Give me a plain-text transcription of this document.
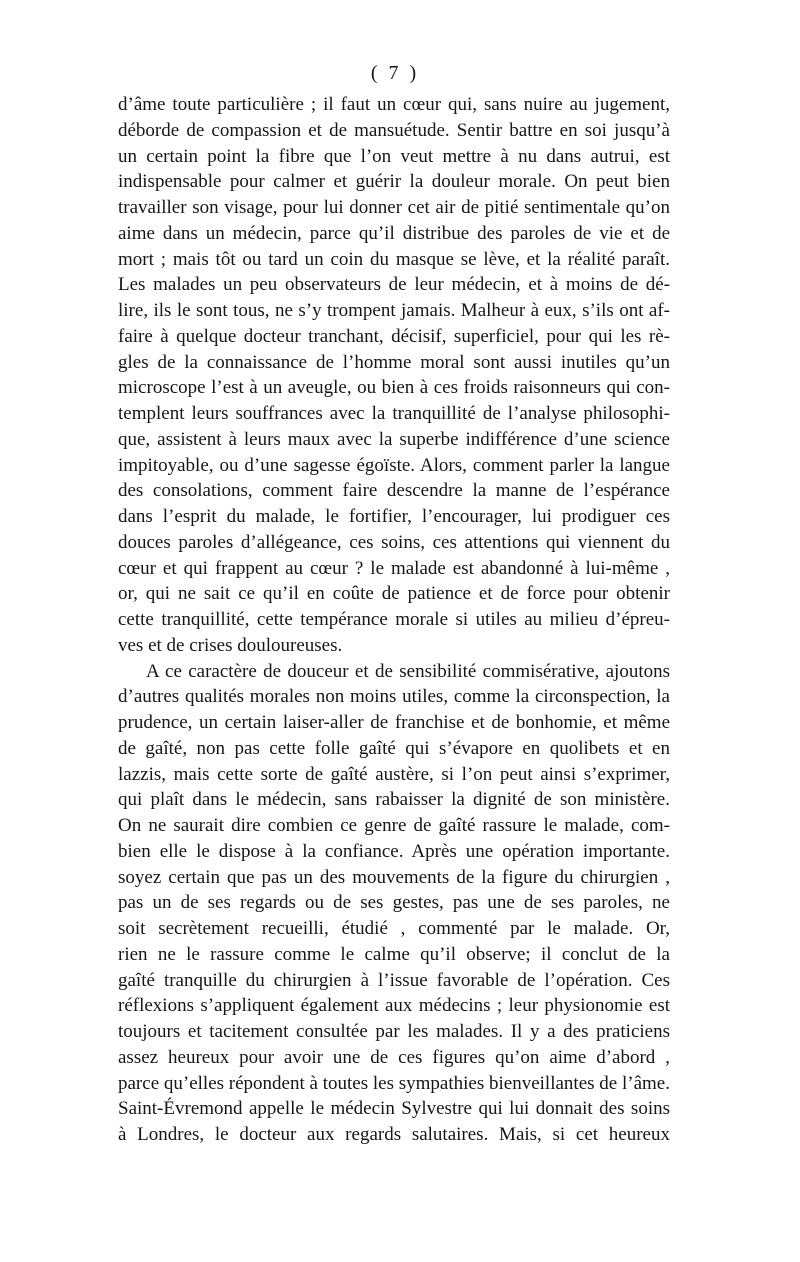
( 7 )
d’âme toute particulière ; il faut un cœur qui, sans nuire au jugement,
déborde de compassion et de mansuétude. Sentir battre en soi jusqu’à
un certain point la fibre que l’on veut mettre à nu dans autrui, est
indispensable pour calmer et guérir la douleur morale. On peut bien
travailler son visage, pour lui donner cet air de pitié sentimentale qu’on
aime dans un médecin, parce qu’il distribue des paroles de vie et de
mort ; mais tôt ou tard un coin du masque se lève, et la réalité paraît.
Les malades un peu observateurs de leur médecin, et à moins de dé-
lire, ils le sont tous, ne s’y trompent jamais. Malheur à eux, s’ils ont af-
faire à quelque docteur tranchant, décisif, superficiel, pour qui les rè-
gles de la connaissance de l’homme moral sont aussi inutiles qu’un
microscope l’est à un aveugle, ou bien à ces froids raisonneurs qui con-
templent leurs souffrances avec la tranquillité de l’analyse philosophi-
que, assistent à leurs maux avec la superbe indifférence d’une science
impitoyable, ou d’une sagesse égoïste. Alors, comment parler la langue
des consolations, comment faire descendre la manne de l’espérance
dans l’esprit du malade, le fortifier, l’encourager, lui prodiguer ces
douces paroles d’allégeance, ces soins, ces attentions qui viennent du
cœur et qui frappent au cœur ? le malade est abandonné à lui-même ,
or, qui ne sait ce qu’il en coûte de patience et de force pour obtenir
cette tranquillité, cette tempérance morale si utiles au milieu d’épreu-
ves et de crises douloureuses.
A ce caractère de douceur et de sensibilité commisérative, ajoutons
d’autres qualités morales non moins utiles, comme la circonspection, la
prudence, un certain laiser-aller de franchise et de bonhomie, et même
de gaîté, non pas cette folle gaîté qui s’évapore en quolibets et en
lazzis, mais cette sorte de gaîté austère, si l’on peut ainsi s’exprimer,
qui plaît dans le médecin, sans rabaisser la dignité de son ministère.
On ne saurait dire combien ce genre de gaîté rassure le malade, com-
bien elle le dispose à la confiance. Après une opération importante.
soyez certain que pas un des mouvements de la figure du chirurgien ,
pas un de ses regards ou de ses gestes, pas une de ses paroles, ne
soit secrètement recueilli, étudié , commenté par le malade. Or,
rien ne le rassure comme le calme qu’il observe; il conclut de la
gaîté tranquille du chirurgien à l’issue favorable de l’opération. Ces
réflexions s’appliquent également aux médecins ; leur physionomie est
toujours et tacitement consultée par les malades. Il y a des praticiens
assez heureux pour avoir une de ces figures qu’on aime d’abord ,
parce qu’elles répondent à toutes les sympathies bienveillantes de l’âme.
Saint-Évremond appelle le médecin Sylvestre qui lui donnait des soins
à Londres, le docteur aux regards salutaires. Mais, si cet heureux
